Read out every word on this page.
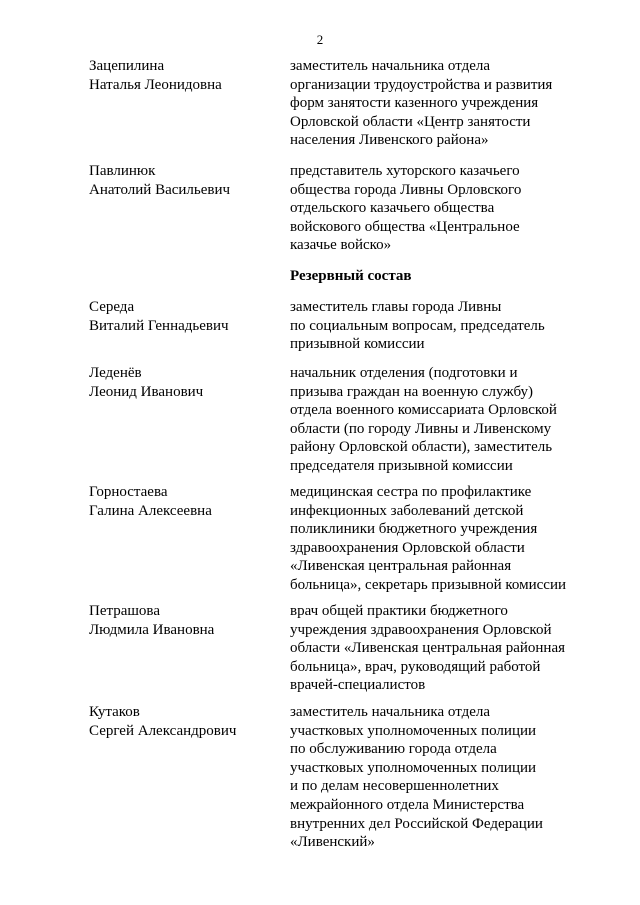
2
Зацепилина
Наталья Леонидовна
заместитель начальника отдела
организации трудоустройства и развития
форм занятости казенного учреждения
Орловской области «Центр занятости
населения Ливенского района»
Павлинюк
Анатолий Васильевич
представитель хуторского казачьего
общества города Ливны Орловского
отдельского казачьего общества
войскового общества «Центральное
казачье войско»
Резервный состав
Середа
Виталий Геннадьевич
заместитель главы города Ливны
по социальным вопросам, председатель
призывной комиссии
Леденёв
Леонид Иванович
начальник отделения (подготовки и
призыва граждан на военную службу)
отдела военного комиссариата Орловской
области (по городу Ливны и Ливенскому
району Орловской области), заместитель
председателя призывной комиссии
Горностаева
Галина Алексеевна
медицинская сестра по профилактике
инфекционных заболеваний детской
поликлиники бюджетного учреждения
здравоохранения Орловской области
«Ливенская центральная районная
больница», секретарь призывной комиссии
Петрашова
Людмила Ивановна
врач общей практики бюджетного
учреждения здравоохранения Орловской
области «Ливенская центральная районная
больница», врач, руководящий работой
врачей-специалистов
Кутаков
Сергей Александрович
заместитель начальника отдела
участковых уполномоченных полиции
по обслуживанию города отдела
участковых уполномоченных полиции
и по делам несовершеннолетних
межрайонного отдела Министерства
внутренних дел Российской Федерации
«Ливенский»
